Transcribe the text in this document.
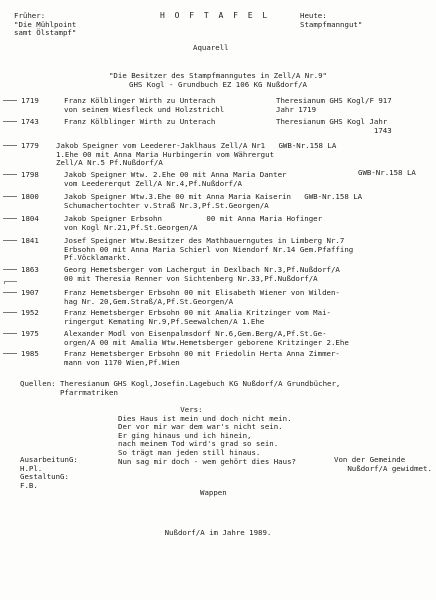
Früher:
"Die Mühlpoint
samt Ölstampf"
H O F T A F E L	Heute:
Stampfmanngut"
Aquarell
"Die Besitzer des Stampfmanngutes in Zell/A Nr.9"
GHS Kogl - Grundbuch EZ 106 KG Nußdorf/A
1719	Franz Kölblinger Wirth zu Unterach
von seinem Wiesfleck und Holzstrichl
Theresianum GHS Kogl/F 917
Jahr 1719
1743	Franz Kölblinger Wirth zu Unterach	Theresianum GHS Kogl Jahr
1743
1779 Jakob Speigner vom Leederer-Jaklhaus Zell/A Nr1   GWB-Nr.158 LA
1.Ehe 00 mit Anna Maria Hurbingerin vom Währergut
Zell/A Nr.5 Pf.Nußdorf/A
1798	Jakob Speigner Wtw. 2.Ehe 00 mit Anna Maria Danter
vom Leedererqut Zell/A Nr.4,Pf.Nußdorf/A
GWB-Nr.158 LA
1800	Jakob Speigner Wtw.3.Ehe 00 mit Anna Maria Kaiserin   GWB-Nr.158 LA
Schumachertochter v.Straß Nr.3,Pf.St.Georgen/A
1804	Jakob Speigner Erbsohn          00 mit Anna Maria Hofinger
von Kogl Nr.21,Pf.St.Georgen/A
1841	Josef Speigner Wtw.Besitzer des Mathbauerngutes in Limberg Nr.7
Erbsohn 00 mit Anna Maria Schierl von Niendorf Nr.14 Gem.Pfaffing
Pf.Vöcklamarkt.
1863	Georg Hemetsberger vom Lachergut in Dexlbach Nr.3,Pf.Nußdorf/A
00 mit Theresia Renner von Sichtenberg Nr.33,Pf.Nußdorf/A
1907	Franz Hemetsberger Erbsohn 00 mit Elisabeth Wiener von Wilden-
hag Nr. 20,Gem.Straß/A,Pf.St.Georgen/A
1952	Franz Hemetsberger Erbsohn 00 mit Amalia Kritzinger vom Mai-
ringergut Kemating Nr.9,Pf.Seewalchen/A 1.Ehe
1975	Alexander Modl von Eisenpalmsdorf Nr.6,Gem.Berg/A,Pf.St.Ge-
orgen/A 00 mit Amalia Wtw.Hemetsberger geborene Kritzinger 2.Ehe
1985	Franz Hemetsberger Erbsohn 00 mit Friedolin Herta Anna Zimmer-
mann von 1170 Wien,Pf.Wien
Quellen: Theresianum GHS Kogl,Josefin.Lagebuch KG Nußdorf/A Grundbücher,
Pfarrmatriken
Vers:
Dies Haus ist mein und doch nicht mein.
Der vor mir war dem war's nicht sein.
Er ging hinaus und ich hinein,
nach meinem Tod wird's grad so sein.
So trägt man jeden still hinaus.
Nun sag mir doch - wem gehört dies Haus?
AusarbeitunG:
H.Pl.
GestaltunG:
F.B.
Von der Gemeinde
Nußdorf/A gewidmet.
Wappen
Nußdorf/A im Jahre 1989.
